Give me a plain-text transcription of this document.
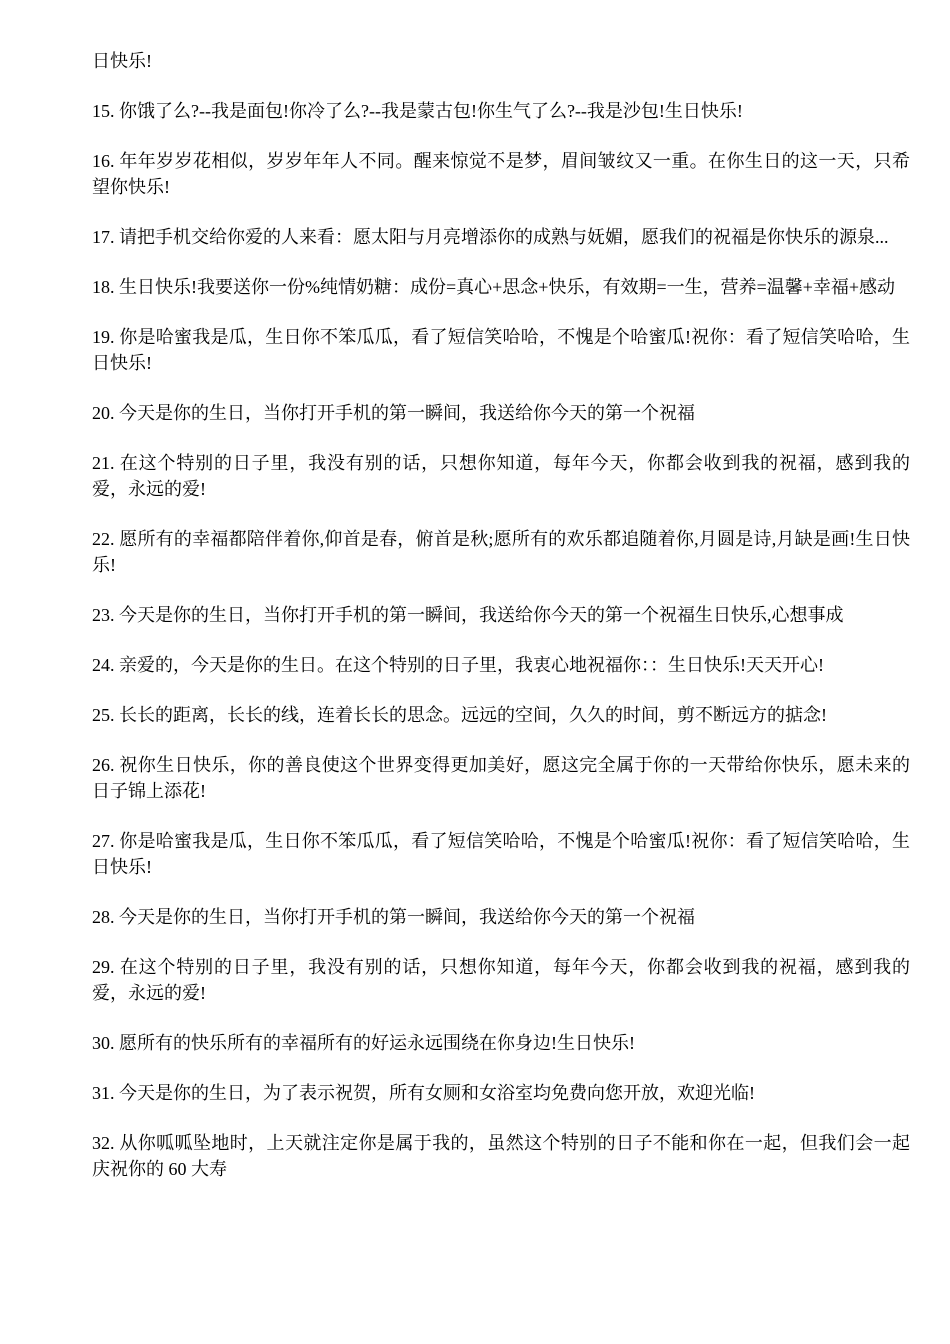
日快乐!

15. 你饿了么?--我是面包!你冷了么?--我是蒙古包!你生气了么?--我是沙包!生日快乐!

16. 年年岁岁花相似，岁岁年年人不同。醒来惊觉不是梦，眉间皱纹又一重。在你生日的这一天，只希望你快乐!

17. 请把手机交给你爱的人来看：愿太阳与月亮增添你的成熟与妩媚，愿我们的祝福是你快乐的源泉...

18. 生日快乐!我要送你一份%纯情奶糖：成份=真心+思念+快乐，有效期=一生，营养=温馨+幸福+感动

19. 你是哈蜜我是瓜，生日你不笨瓜瓜，看了短信笑哈哈，不愧是个哈蜜瓜!祝你：看了短信笑哈哈，生日快乐!

20. 今天是你的生日，当你打开手机的第一瞬间，我送给你今天的第一个祝福

21. 在这个特别的日子里，我没有别的话，只想你知道，每年今天，你都会收到我的祝福，感到我的爱，永远的爱!

22. 愿所有的幸福都陪伴着你,仰首是春，俯首是秋;愿所有的欢乐都追随着你,月圆是诗,月缺是画!生日快乐!

23. 今天是你的生日，当你打开手机的第一瞬间，我送给你今天的第一个祝福生日快乐,心想事成

24. 亲爱的，今天是你的生日。在这个特别的日子里，我衷心地祝福你：：生日快乐!天天开心!

25. 长长的距离，长长的线，连着长长的思念。远远的空间，久久的时间，剪不断远方的掂念!

26. 祝你生日快乐，你的善良使这个世界变得更加美好，愿这完全属于你的一天带给你快乐，愿未来的日子锦上添花!

27. 你是哈蜜我是瓜，生日你不笨瓜瓜，看了短信笑哈哈，不愧是个哈蜜瓜!祝你：看了短信笑哈哈，生日快乐!

28. 今天是你的生日，当你打开手机的第一瞬间，我送给你今天的第一个祝福

29. 在这个特别的日子里，我没有别的话，只想你知道，每年今天，你都会收到我的祝福，感到我的爱，永远的爱!

30. 愿所有的快乐所有的幸福所有的好运永远围绕在你身边!生日快乐!

31. 今天是你的生日，为了表示祝贺，所有女厕和女浴室均免费向您开放，欢迎光临!

32. 从你呱呱坠地时，上天就注定你是属于我的，虽然这个特别的日子不能和你在一起，但我们会一起庆祝你的 60 大寿
